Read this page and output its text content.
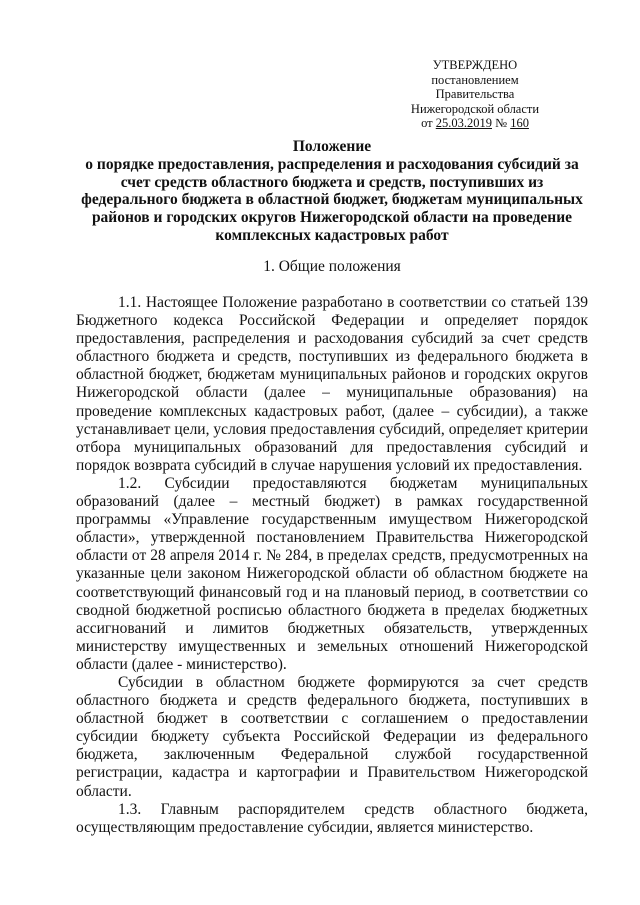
УТВЕРЖДЕНО
постановлением Правительства
Нижегородской области
от 25.03.2019 № 160
Положение
о порядке предоставления, распределения и расходования субсидий за счет средств областного бюджета и средств, поступивших из федерального бюджета в областной бюджет, бюджетам муниципальных районов и городских округов Нижегородской области на проведение комплексных кадастровых работ
1. Общие положения

1.1. Настоящее Положение разработано в соответствии со статьей 139 Бюджетного кодекса Российской Федерации и определяет порядок предоставления, распределения и расходования субсидий за счет средств областного бюджета и средств, поступивших из федерального бюджета в областной бюджет, бюджетам муниципальных районов и городских округов Нижегородской области (далее – муниципальные образования) на проведение комплексных кадастровых работ, (далее – субсидии), а также устанавливает цели, условия предоставления субсидий, определяет критерии отбора муниципальных образований для предоставления субсидий и порядок возврата субсидий в случае нарушения условий их предоставления.

1.2. Субсидии предоставляются бюджетам муниципальных образований (далее – местный бюджет) в рамках государственной программы «Управление государственным имуществом Нижегородской области», утвержденной постановлением Правительства Нижегородской области от 28 апреля 2014 г. № 284, в пределах средств, предусмотренных на указанные цели законом Нижегородской области об областном бюджете на соответствующий финансовый год и на плановый период, в соответствии со сводной бюджетной росписью областного бюджета в пределах бюджетных ассигнований и лимитов бюджетных обязательств, утвержденных министерству имущественных и земельных отношений Нижегородской области (далее - министерство).

Субсидии в областном бюджете формируются за счет средств областного бюджета и средств федерального бюджета, поступивших в областной бюджет в соответствии с соглашением о предоставлении субсидии бюджету субъекта Российской Федерации из федерального бюджета, заключенным Федеральной службой государственной регистрации, кадастра и картографии и Правительством Нижегородской области.

1.3. Главным распорядителем средств областного бюджета, осуществляющим предоставление субсидии, является министерство.
